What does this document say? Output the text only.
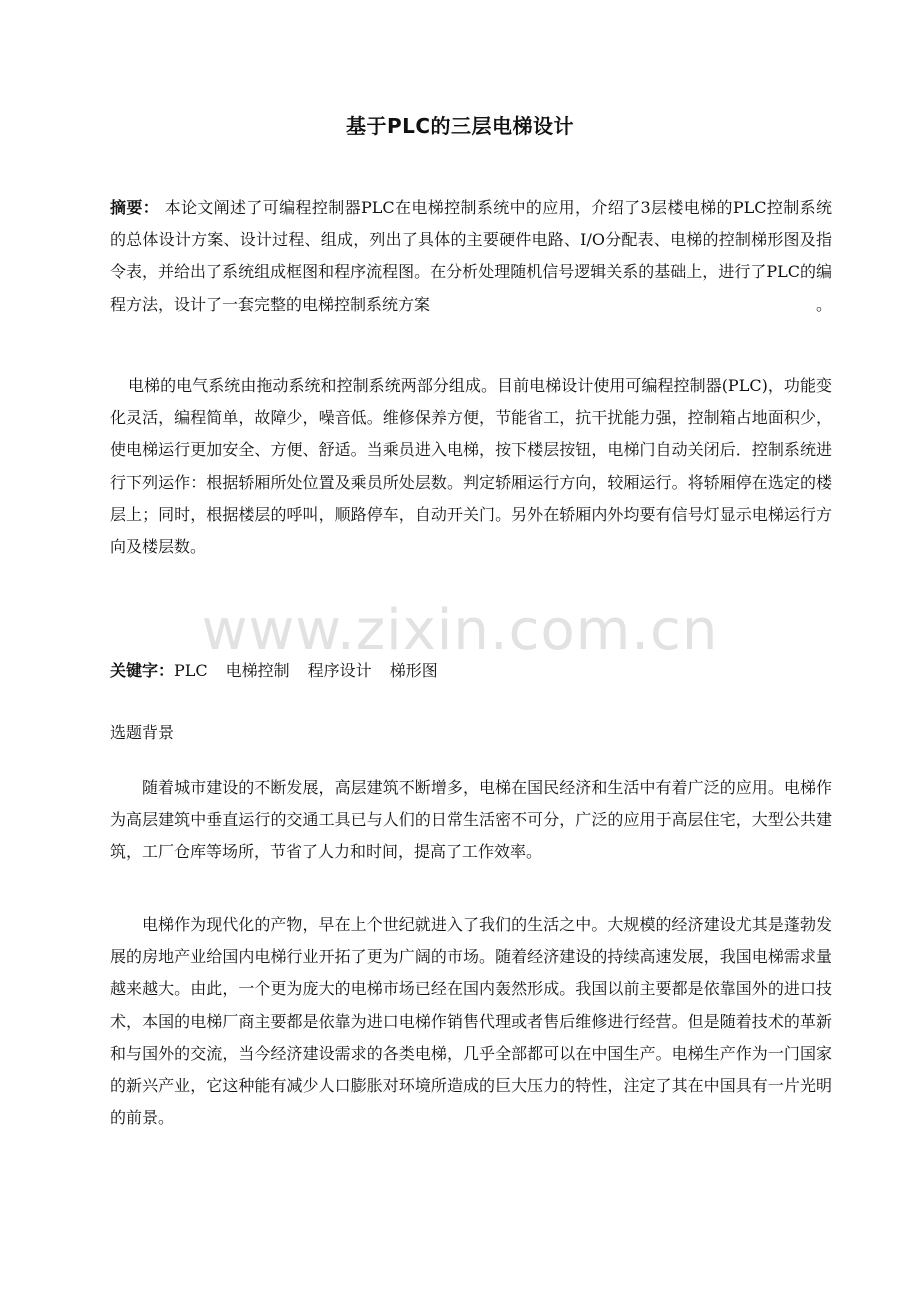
www.zixin.com.cn
基于PLC的三层电梯设计
摘要： 本论文阐述了可编程控制器PLC在电梯控制系统中的应用，介绍了3层楼电梯的PLC控制系统的总体设计方案、设计过程、组成，列出了具体的主要硬件电路、I/O分配表、电梯的控制梯形图及指令表，并给出了系统组成框图和程序流程图。在分析处理随机信号逻辑关系的基础上，进行了PLC的编程方法，设计了一套完整的电梯控制系统方案	。
电梯的电气系统由拖动系统和控制系统两部分组成。目前电梯设计使用可编程控制器(PLC)，功能变化灵活，编程简单，故障少，噪音低。维修保养方便，节能省工，抗干扰能力强，控制箱占地面积少，使电梯运行更加安全、方便、舒适。当乘员进入电梯，按下楼层按钮，电梯门自动关闭后．控制系统进行下列运作：根据轿厢所处位置及乘员所处层数。判定轿厢运行方向，较厢运行。将轿厢停在选定的楼层上；同时，根据楼层的呼叫，顺路停车，自动开关门。另外在轿厢内外均要有信号灯显示电梯运行方向及楼层数。
关键字：PLC 电梯控制 程序设计 梯形图
选题背景
随着城市建设的不断发展，高层建筑不断增多，电梯在国民经济和生活中有着广泛的应用。电梯作为高层建筑中垂直运行的交通工具已与人们的日常生活密不可分，广泛的应用于高层住宅，大型公共建筑，工厂仓库等场所，节省了人力和时间，提高了工作效率。
电梯作为现代化的产物，早在上个世纪就进入了我们的生活之中。大规模的经济建设尤其是蓬勃发展的房地产业给国内电梯行业开拓了更为广阔的市场。随着经济建设的持续高速发展，我国电梯需求量越来越大。由此，一个更为庞大的电梯市场已经在国内轰然形成。我国以前主要都是依靠国外的进口技术，本国的电梯厂商主要都是依靠为进口电梯作销售代理或者售后维修进行经营。但是随着技术的革新和与国外的交流，当今经济建设需求的各类电梯，几乎全部都可以在中国生产。电梯生产作为一门国家的新兴产业，它这种能有减少人口膨胀对环境所造成的巨大压力的特性，注定了其在中国具有一片光明的前景。
